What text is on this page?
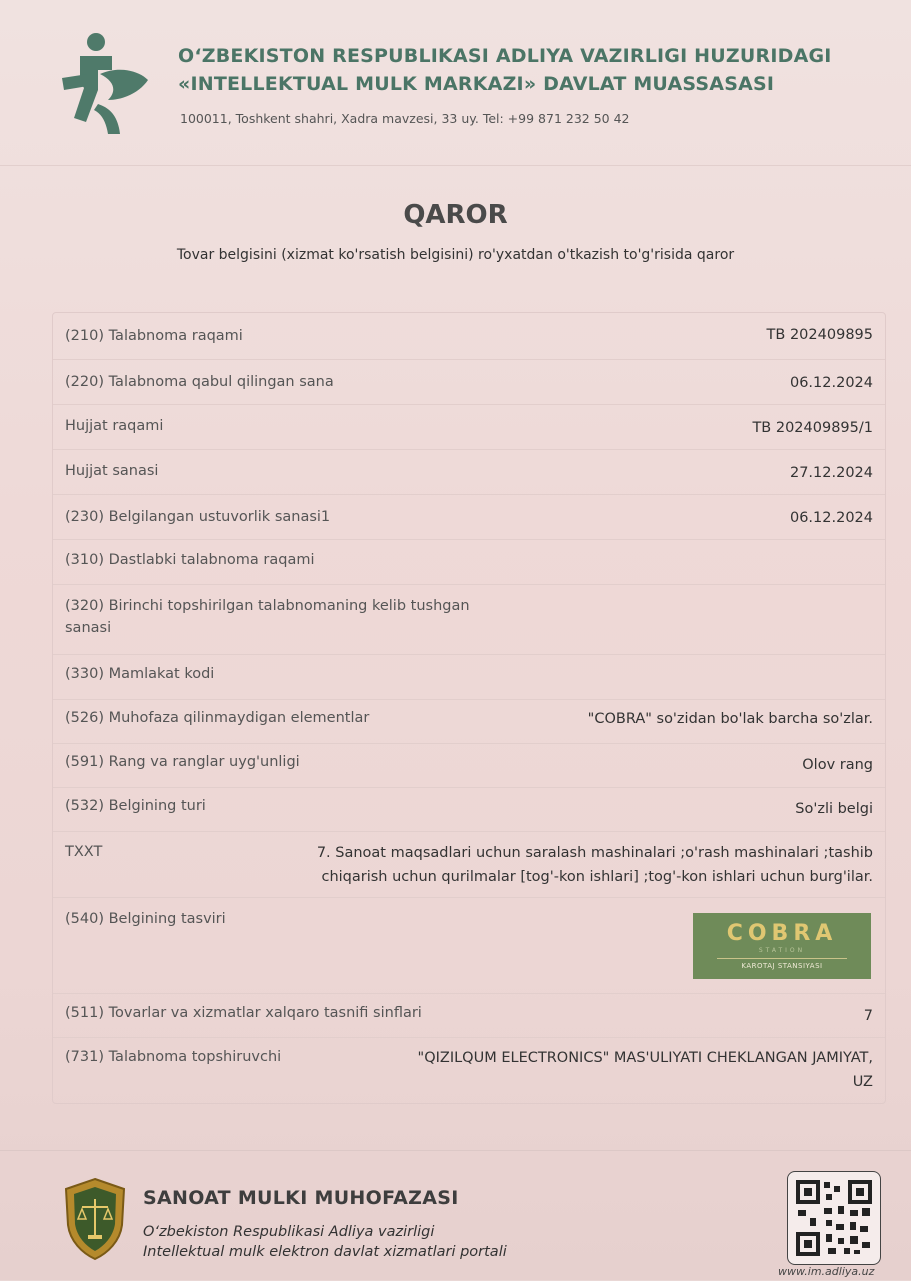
O‘ZBEKISTON RESPUBLIKASI ADLIYA VAZIRLIGI HUZURIDAGI
«INTELLEKTUAL MULK MARKAZI» DAVLAT MUASSASASI
100011, Toshkent shahri, Xadra mavzesi, 33 uy. Tel: +99 871 232 50 42
QAROR
Tovar belgisini (xizmat ko'rsatish belgisini) ro'yxatdan o'tkazish to'g'risida qaror
(210) Talabnoma raqami	TB 202409895
(220) Talabnoma qabul qilingan sana	06.12.2024
Hujjat raqami	TB 202409895/1
Hujjat sanasi	27.12.2024
(230) Belgilangan ustuvorlik sanasi1	06.12.2024
(310) Dastlabki talabnoma raqami
(320) Birinchi topshirilgan talabnomaning kelib tushgan sanasi
(330) Mamlakat kodi
(526) Muhofaza qilinmaydigan elementlar	"COBRA" so'zidan bo'lak barcha so'zlar.
(591) Rang va ranglar uyg'unligi	Olov rang
(532) Belgining turi	So'zli belgi
TXXT	7. Sanoat maqsadlari uchun saralash mashinalari ;o'rash mashinalari ;tashib chiqarish uchun qurilmalar [tog'-kon ishlari] ;tog'-kon ishlari uchun burg'ilar.
(540) Belgining tasviri
COBRA
STATION
KAROTAJ STANSIYASI
(511) Tovarlar va xizmatlar xalqaro tasnifi sinflari	7
(731) Talabnoma topshiruvchi	"QIZILQUM ELECTRONICS" MAS'ULIYATI CHEKLANGAN JAMIYAT, UZ
SANOAT MULKI MUHOFAZASI
O‘zbekiston Respublikasi Adliya vazirligi
Intellektual mulk elektron davlat xizmatlari portali
www.im.adliya.uz
